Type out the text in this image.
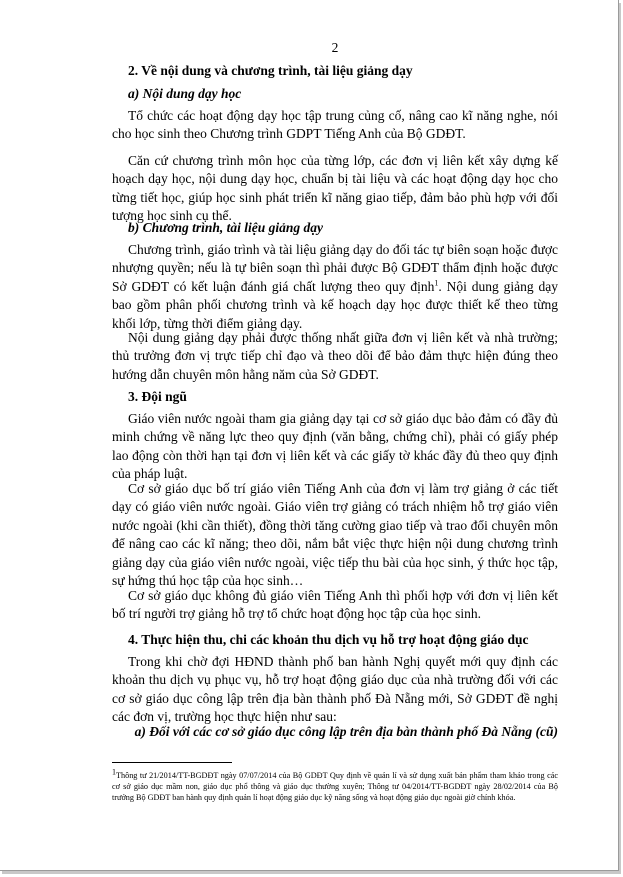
2
2. Về nội dung và chương trình, tài liệu giảng dạy
a) Nội dung dạy học
Tổ chức các hoạt động dạy học tập trung củng cố, nâng cao kĩ năng nghe, nói cho học sinh theo Chương trình GDPT Tiếng Anh của Bộ GDĐT.
Căn cứ chương trình môn học của từng lớp, các đơn vị liên kết xây dựng kế hoạch dạy học, nội dung dạy học, chuẩn bị tài liệu và các hoạt động dạy học cho từng tiết học, giúp học sinh phát triển kĩ năng giao tiếp, đảm bảo phù hợp với đối tượng học sinh cụ thể.
b) Chương trình, tài liệu giảng dạy
Chương trình, giáo trình và tài liệu giảng dạy do đối tác tự biên soạn hoặc được nhượng quyền; nếu là tự biên soạn thì phải được Bộ GDĐT thẩm định hoặc được Sở GDĐT có kết luận đánh giá chất lượng theo quy định$^1$. Nội dung giảng dạy bao gồm phân phối chương trình và kế hoạch dạy học được thiết kế theo từng khối lớp, từng thời điểm giảng dạy.
Nội dung giảng dạy phải được thống nhất giữa đơn vị liên kết và nhà trường; thủ trưởng đơn vị trực tiếp chỉ đạo và theo dõi để bảo đảm thực hiện đúng theo hướng dẫn chuyên môn hằng năm của Sở GDĐT.
3. Đội ngũ
Giáo viên nước ngoài tham gia giảng dạy tại cơ sở giáo dục bảo đảm có đầy đủ minh chứng về năng lực theo quy định (văn bằng, chứng chỉ), phải có giấy phép lao động còn thời hạn tại đơn vị liên kết và các giấy tờ khác đầy đủ theo quy định của pháp luật.
Cơ sở giáo dục bố trí giáo viên Tiếng Anh của đơn vị làm trợ giảng ở các tiết dạy có giáo viên nước ngoài. Giáo viên trợ giảng có trách nhiệm hỗ trợ giáo viên nước ngoài (khi cần thiết), đồng thời tăng cường giao tiếp và trao đổi chuyên môn để nâng cao các kĩ năng; theo dõi, nắm bắt việc thực hiện nội dung chương trình giảng dạy của giáo viên nước ngoài, việc tiếp thu bài của học sinh, ý thức học tập, sự hứng thú học tập của học sinh…
Cơ sở giáo dục không đủ giáo viên Tiếng Anh thì phối hợp với đơn vị liên kết bố trí người trợ giảng hỗ trợ tổ chức hoạt động học tập của học sinh.
4. Thực hiện thu, chi các khoản thu dịch vụ hỗ trợ hoạt động giáo dục
Trong khi chờ đợi HĐND thành phố ban hành Nghị quyết mới quy định các khoản thu dịch vụ phục vụ, hỗ trợ hoạt động giáo dục của nhà trường đối với các cơ sở giáo dục công lập trên địa bàn thành phố Đà Nẵng mới, Sở GDĐT đề nghị các đơn vị, trường học thực hiện như sau:
a) Đối với các cơ sở giáo dục công lập trên địa bàn thành phố Đà Nẵng (cũ)
$^1$Thông tư 21/2014/TT-BGDĐT ngày 07/07/2014 của Bộ GDĐT Quy định về quản lí và sử dụng xuất bản phẩm tham khảo trong các cơ sở giáo dục mầm non, giáo dục phổ thông và giáo dục thường xuyên; Thông tư 04/2014/TT-BGDĐT ngày 28/02/2014 của Bộ trưởng Bộ GDĐT ban hành quy định quản lí hoạt động giáo dục kỹ năng sống và hoạt động giáo dục ngoài giờ chính khóa.
